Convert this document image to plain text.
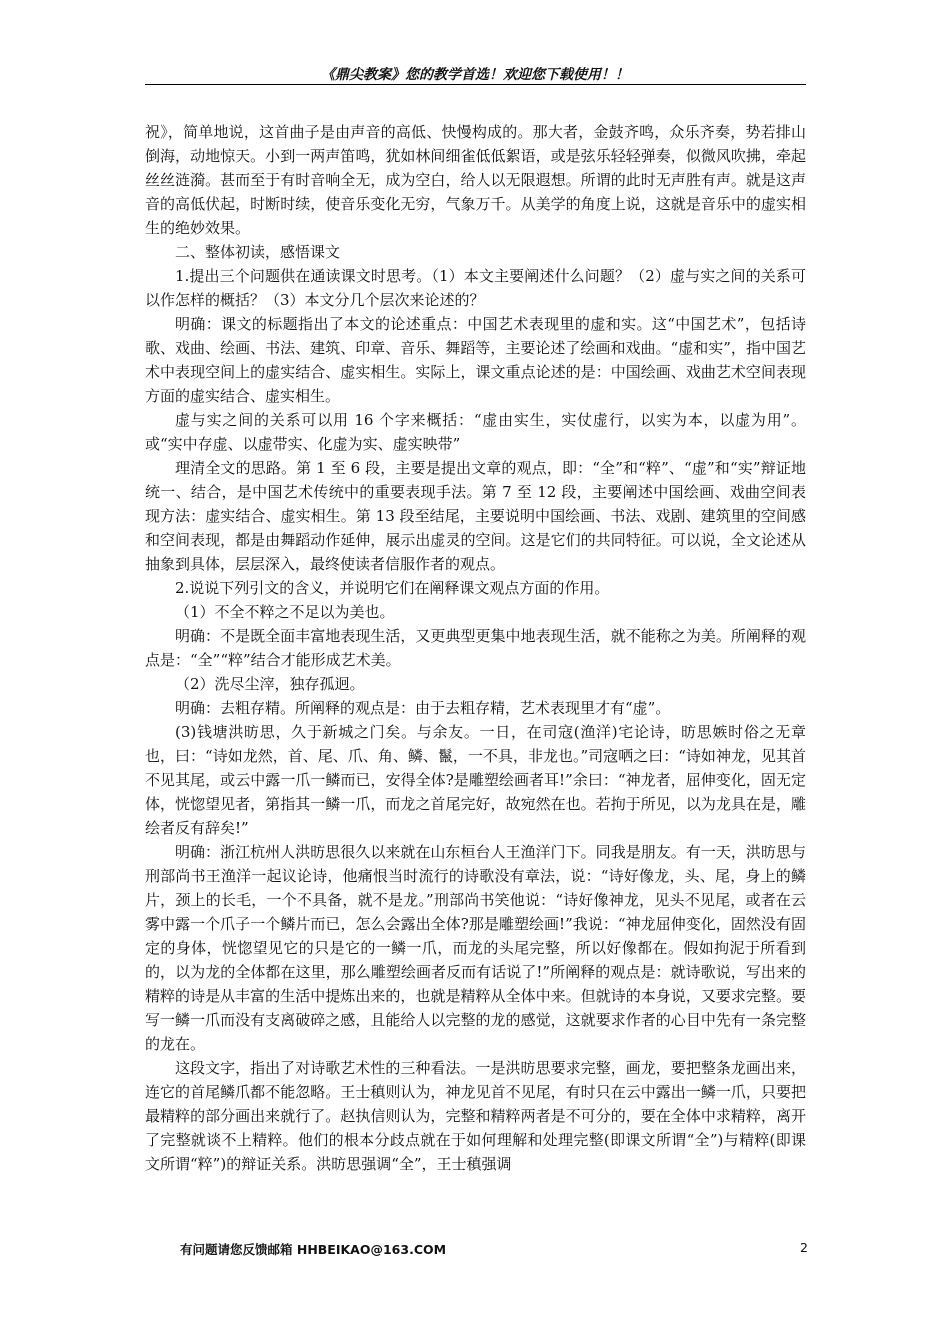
《鼎尖教案》您的教学首选！欢迎您下载使用！！

祝》，简单地说，这首曲子是由声音的高低、快慢构成的。那大者，金鼓齐鸣，众乐齐奏，势若排山倒海，动地惊天。小到一两声笛鸣，犹如林间细雀低低絮语，或是弦乐轻轻弹奏，似微风吹拂，牵起丝丝涟漪。甚而至于有时音响全无，成为空白，给人以无限遐想。所谓的此时无声胜有声。就是这声音的高低伏起，时断时续，使音乐变化无穷，气象万千。从美学的角度上说，这就是音乐中的虚实相生的绝妙效果。

二、整体初读，感悟课文

1.提出三个问题供在通读课文时思考。（1）本文主要阐述什么问题？（2）虚与实之间的关系可以作怎样的概括？（3）本文分几个层次来论述的？

明确：课文的标题指出了本文的论述重点：中国艺术表现里的虚和实。这“中国艺术”，包括诗歌、戏曲、绘画、书法、建筑、印章、音乐、舞蹈等，主要论述了绘画和戏曲。“虚和实”，指中国艺术中表现空间上的虚实结合、虚实相生。实际上，课文重点论述的是：中国绘画、戏曲艺术空间表现方面的虚实结合、虚实相生。

虚与实之间的关系可以用 16 个字来概括：“虚由实生，实仗虚行，以实为本，以虚为用”。或“实中存虚、以虚带实、化虚为实、虚实映带”

理清全文的思路。第 1 至 6 段，主要是提出文章的观点，即：“全”和“粹”、“虚”和“实”辩证地统一、结合，是中国艺术传统中的重要表现手法。第 7 至 12 段，主要阐述中国绘画、戏曲空间表现方法：虚实结合、虚实相生。第 13 段至结尾，主要说明中国绘画、书法、戏剧、建筑里的空间感和空间表现，都是由舞蹈动作延伸，展示出虚灵的空间。这是它们的共同特征。可以说，全文论述从抽象到具体，层层深入，最终使读者信服作者的观点。

2.说说下列引文的含义，并说明它们在阐释课文观点方面的作用。

（1）不全不粹之不足以为美也。

明确：不是既全面丰富地表现生活，又更典型更集中地表现生活，就不能称之为美。所阐释的观点是：“全”“粹”结合才能形成艺术美。

（2）洗尽尘滓，独存孤迥。

明确：去粗存精。所阐释的观点是：由于去粗存精，艺术表现里才有“虚”。

(3)钱塘洪昉思，久于新城之门矣。与余友。一日，在司寇(渔洋)宅论诗，昉思嫉时俗之无章也，曰：“诗如龙然，首、尾、爪、角、鳞、鬣，一不具，非龙也。”司寇哂之曰：“诗如神龙，见其首不见其尾，或云中露一爪一鳞而已，安得全体?是雕塑绘画者耳!”余曰：“神龙者，屈伸变化，固无定体，恍惚望见者，第指其一鳞一爪，而龙之首尾完好，故宛然在也。若拘于所见，以为龙具在是，雕绘者反有辞矣!”

明确：浙江杭州人洪昉思很久以来就在山东桓台人王渔洋门下。同我是朋友。有一天，洪昉思与刑部尚书王渔洋一起议论诗，他痛恨当时流行的诗歌没有章法，说：“诗好像龙，头、尾，身上的鳞片，颈上的长毛，一个不具备，就不是龙。”刑部尚书笑他说：“诗好像神龙，见头不见尾，或者在云雾中露一个爪子一个鳞片而已，怎么会露出全体?那是雕塑绘画!”我说：“神龙屈伸变化，固然没有固定的身体，恍惚望见它的只是它的一鳞一爪，而龙的头尾完整，所以好像都在。假如拘泥于所看到的，以为龙的全体都在这里，那么雕塑绘画者反而有话说了!”所阐释的观点是：就诗歌说，写出来的精粹的诗是从丰富的生活中提炼出来的，也就是精粹从全体中来。但就诗的本身说，又要求完整。要写一鳞一爪而没有支离破碎之感，且能给人以完整的龙的感觉，这就要求作者的心目中先有一条完整的龙在。

这段文字，指出了对诗歌艺术性的三种看法。一是洪昉思要求完整，画龙，要把整条龙画出来，连它的首尾鳞爪都不能忽略。王士稹则认为，神龙见首不见尾，有时只在云中露出一鳞一爪，只要把最精粹的部分画出来就行了。赵执信则认为，完整和精粹两者是不可分的，要在全体中求精粹，离开了完整就谈不上精粹。他们的根本分歧点就在于如何理解和处理完整(即课文所谓“全”)与精粹(即课文所谓“粹”)的辩证关系。洪昉思强调“全”，王士稹强调

有问题请您反馈邮箱 HHBEIKAO@163.COM	2
